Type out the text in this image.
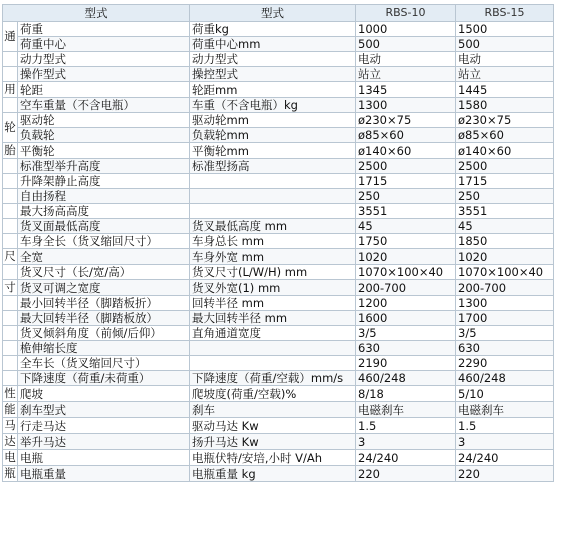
型式		型式	RBS-10	RBS-15
通	荷重	荷重kg	1000	1500
	荷重中心	荷重中心mm	500	500
	动力型式	动力型式	电动	电动
	操作型式	操控型式	站立	站立
用	轮距	轮距mm	1345	1445
	空车重量（不含电瓶）	车重（不含电瓶）kg	1300	1580
轮	驱动轮	驱动轮mm	ø230×75	ø230×75
	负载轮	负载轮mm	ø85×60	ø85×60
胎	平衡轮	平衡轮mm	ø140×60	ø140×60
	标准型举升高度	标准型扬高	2500	2500
	升降架静止高度		1715	1715
	自由扬程		250	250
	最大扬高高度		3551	3551
	货叉面最低高度	货叉最低高度 mm	45	45
	车身全长（货叉缩回尺寸）	车身总长 mm	1750	1850
尺	全宽	车身外宽 mm	1020	1020
	货叉尺寸（长/宽/高）	货叉尺寸(L/W/H) mm	1070×100×40	1070×100×40
寸	货叉可调之宽度	货叉外宽(1) mm	200-700	200-700
	最小回转半径（脚踏板折）	回转半径 mm	1200	1300
	最大回转半径（脚踏板放）	最大回转半径 mm	1600	1700
	货叉倾斜角度（前倾/后仰）	直角通道宽度	3/5	3/5
	桅伸缩长度		630	630
	全车长（货叉缩回尺寸）		2190	2290
	下降速度（荷重/未荷重）	下降速度（荷重/空载）mm/s	460/248	460/248
性	爬坡	爬坡度(荷重/空载)%	8/18	5/10
能	刹车型式	刹车	电磁刹车	电磁刹车
马	行走马达	驱动马达 Kw	1.5	1.5
达	举升马达	扬升马达 Kw	3	3
电	电瓶	电瓶伏特/安培,小时 V/Ah	24/240	24/240
瓶	电瓶重量	电瓶重量 kg	220	220
